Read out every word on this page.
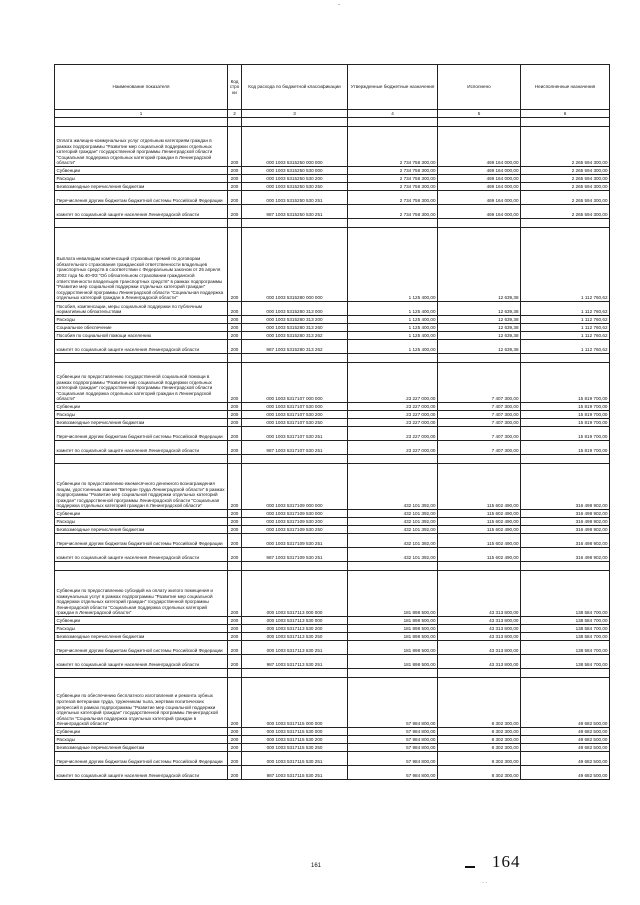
-
Наименование показателя	Код стро ки	Код расхода по бюджетной классификации	Утвержденные бюджетные назначения	Исполнено	Неисполненные назначения
1	2	3	4	5	6

Оплата жилищно-коммунальных услуг отдельным категориям граждан в рамках подпрограммы "Развитие мер социальной поддержки отдельных категорий граждан" государственной программы Ленинградской области "Социальная поддержка отдельных категорий граждан в Ленинградской области"	200	000 1003 5315250 000 000	2 734 758 300,00	469 164 000,00	2 265 594 300,00
Субвенции	200	000 1003 5315250 530 000	2 734 758 300,00	469 164 000,00	2 265 594 300,00
Расходы	200	000 1003 5315250 530 200	2 734 758 300,00	469 164 000,00	2 265 594 300,00
Безвозмездные перечисления бюджетам	200	000 1003 5315250 530 250	2 734 758 300,00	469 164 000,00	2 265 594 300,00
Перечисления другим бюджетам бюджетной системы Российской Федерации	200	000 1003 5315250 530 251	2 734 758 300,00	469 164 000,00	2 265 594 300,00
комитет по социальной защите населения Ленинградской области	200	987 1003 5315250 530 251	2 734 758 300,00	469 164 000,00	2 265 594 300,00

Выплата инвалидам компенсаций страховых премий по договорам обязательного страхования гражданской ответственности владельцев транспортных средств в соответствии с Федеральным законом от 25 апреля 2002 года № 40-ФЗ "Об обязательном страховании гражданской ответственности владельцев транспортных средств" в рамках подпрограммы "Развитие мер социальной поддержки отдельных категорий граждан" государственной программы Ленинградской области "Социальная поддержка отдельных категорий граждан в Ленинградской области"	200	000 1003 5315280 000 000	1 125 400,00	12 639,38	1 112 760,62
Пособия, компенсации, меры социальной поддержки по публичным нормативным обязательствам	200	000 1003 5315280 313 000	1 125 400,00	12 639,38	1 112 760,62
Расходы	200	000 1003 5315280 313 200	1 125 400,00	12 639,38	1 112 760,62
Социальное обеспечение	200	000 1003 5315280 313 260	1 125 400,00	12 639,38	1 112 760,62
Пособия по социальной помощи населению	200	000 1003 5315280 313 262	1 125 400,00	12 639,38	1 112 760,62
комитет по социальной защите населения Ленинградской области	200	987 1003 5315280 313 262	1 125 400,00	12 639,38	1 112 760,62

Субвенции по предоставлению государственной социальной помощи в рамках подпрограммы "Развитие мер социальной поддержки отдельных категорий граждан" государственной программы Ленинградской области "Социальная поддержка отдельных категорий граждан в Ленинградской области"	200	000 1003 5317107 000 000	23 227 000,00	7 407 300,00	15 819 700,00
Субвенции	200	000 1003 5317107 530 000	23 227 000,00	7 407 300,00	15 819 700,00
Расходы	200	000 1003 5317107 530 200	23 227 000,00	7 407 300,00	15 819 700,00
Безвозмездные перечисления бюджетам	200	000 1003 5317107 530 250	23 227 000,00	7 407 300,00	15 819 700,00
Перечисления другим бюджетам бюджетной системы Российской Федерации	200	000 1003 5317107 530 251	23 227 000,00	7 407 300,00	15 819 700,00
комитет по социальной защите населения Ленинградской области	200	987 1003 5317107 530 251	23 227 000,00	7 407 300,00	15 819 700,00

Субвенции по предоставлению ежемесячного денежного вознаграждения лицам, удостоенным звания "Ветеран труда Ленинградской области" в рамках подпрограммы "Развитие мер социальной поддержки отдельных категорий граждан" государственной программы Ленинградской области "Социальная поддержка отдельных категорий граждан в Ленинградской области"	200	000 1003 5317109 000 000	432 101 392,00	115 602 490,00	316 498 902,00
Субвенции	200	000 1003 5317109 530 000	432 101 392,00	115 602 490,00	316 498 902,00
Расходы	200	000 1003 5317109 530 200	432 101 392,00	115 602 490,00	316 498 902,00
Безвозмездные перечисления бюджетам	200	000 1003 5317109 530 250	432 101 392,00	115 602 490,00	316 498 902,00
Перечисления другим бюджетам бюджетной системы Российской Федерации	200	000 1003 5317109 530 251	432 101 392,00	115 602 490,00	316 498 902,00
комитет по социальной защите населения Ленинградской области	200	987 1003 5317109 530 251	432 101 392,00	115 602 490,00	316 498 902,00

Субвенции по предоставлению субсидий на оплату жилого помещения и коммунальных услуг в рамках подпрограммы "Развитие мер социальной поддержки отдельных категорий граждан" государственной программы Ленинградской области "Социальная поддержка отдельных категорий граждан в Ленинградской области"	200	000 1003 5317113 000 000	181 898 500,00	43 313 800,00	138 584 700,00
Субвенции	200	000 1003 5317113 530 000	181 898 500,00	43 313 800,00	138 584 700,00
Расходы	200	000 1003 5317113 530 200	181 898 500,00	43 313 800,00	138 584 700,00
Безвозмездные перечисления бюджетам	200	000 1003 5317113 530 250	181 898 500,00	43 313 800,00	138 584 700,00
Перечисления другим бюджетам бюджетной системы Российской Федерации	200	000 1003 5317113 530 251	181 898 500,00	43 313 800,00	138 584 700,00
комитет по социальной защите населения Ленинградской области	200	987 1003 5317113 530 251	181 898 500,00	43 313 800,00	138 584 700,00

Субвенции по обеспечению бесплатного изготовления и ремонта зубных протезов ветеранам труда, труженикам тыла, жертвам политических репрессий в рамках подпрограммы "Развитие мер социальной поддержки отдельных категорий граждан" государственной программы Ленинградской области "Социальная поддержка отдельных категорий граждан в Ленинградской области"	200	000 1003 5317115 000 000	57 984 800,00	8 302 300,00	49 682 500,00
Субвенции	200	000 1003 5317115 530 000	57 984 800,00	8 302 300,00	49 682 500,00
Расходы	200	000 1003 5317115 530 200	57 984 800,00	8 302 300,00	49 682 500,00
Безвозмездные перечисления бюджетам	200	000 1003 5317115 530 250	57 984 800,00	8 302 300,00	49 682 500,00
Перечисления другим бюджетам бюджетной системы Российской Федерации	200	000 1003 5317115 530 251	57 984 800,00	8 302 300,00	49 682 500,00
комитет по социальной защите населения Ленинградской области	200	987 1003 5317115 530 251	57 984 800,00	8 302 300,00	49 682 500,00
161	164
· ·
